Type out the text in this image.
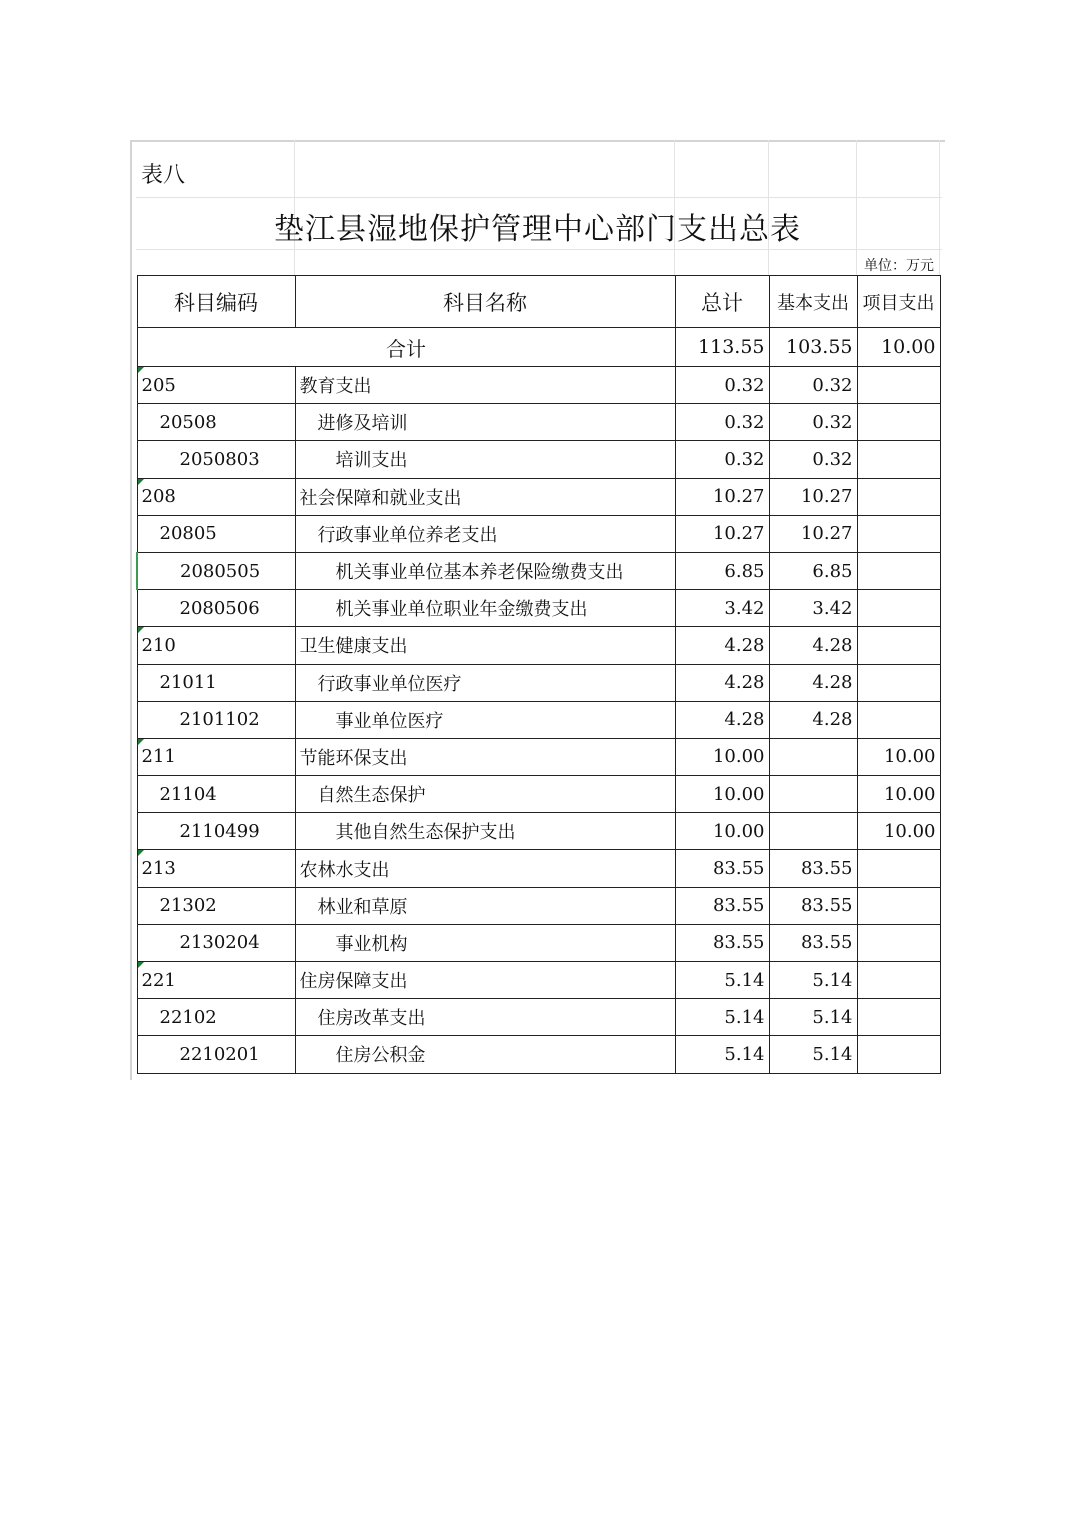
表八
垫江县湿地保护管理中心部门支出总表
单位：万元
科目编码	科目名称	总计	基本支出	项目支出
合计		113.55	103.55	10.00
205	教育支出	0.32	0.32	
20508	进修及培训	0.32	0.32	
2050803	培训支出	0.32	0.32	
208	社会保障和就业支出	10.27	10.27	
20805	行政事业单位养老支出	10.27	10.27	
2080505	机关事业单位基本养老保险缴费支出	6.85	6.85	
2080506	机关事业单位职业年金缴费支出	3.42	3.42	
210	卫生健康支出	4.28	4.28	
21011	行政事业单位医疗	4.28	4.28	
2101102	事业单位医疗	4.28	4.28	
211	节能环保支出	10.00		10.00
21104	自然生态保护	10.00		10.00
2110499	其他自然生态保护支出	10.00		10.00
213	农林水支出	83.55	83.55	
21302	林业和草原	83.55	83.55	
2130204	事业机构	83.55	83.55	
221	住房保障支出	5.14	5.14	
22102	住房改革支出	5.14	5.14	
2210201	住房公积金	5.14	5.14	
